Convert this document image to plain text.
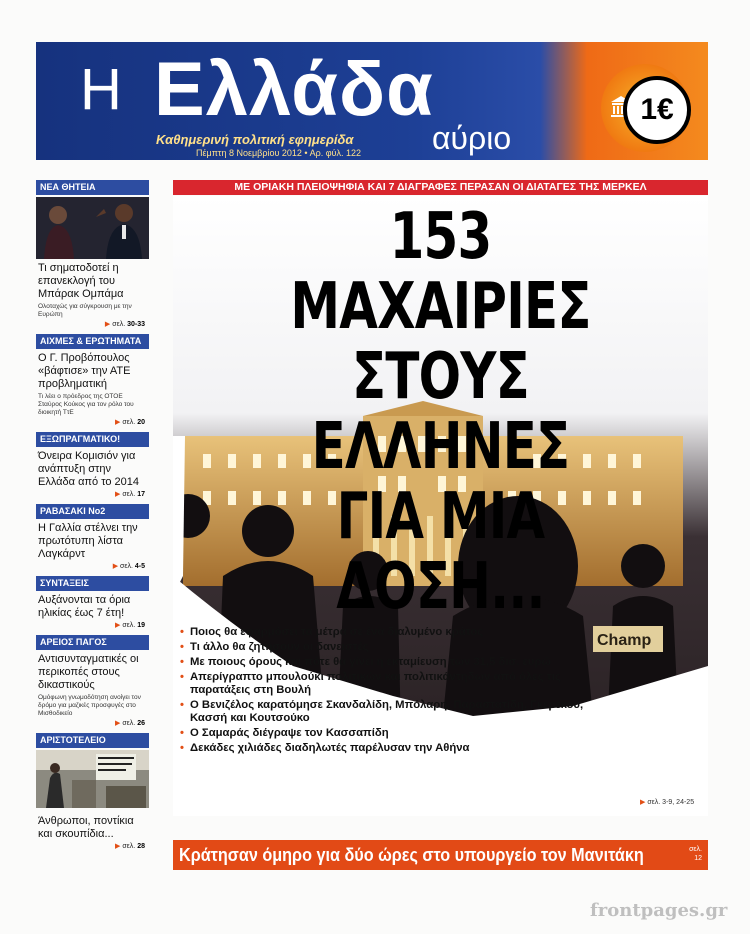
Η Ελλάδα
αύριο
Καθημερινή πολιτική εφημερίδα
Πέμπτη 8 Νοεμβρίου 2012 • Αρ. φύλ. 122
1€
ΝΕΑ ΘΗΤΕΙΑ
Τι σηματοδοτεί η επανεκλογή του Μπάρακ Ομπάμα
Ολοταχώς για σύγκρουση με την Ευρώπη
▶ σελ. 30-33
ΑΙΧΜΕΣ & ΕΡΩΤΗΜΑΤΑ
Ο Γ. Προβόπουλος «βάφτισε» την ΑΤΕ προβληματική
Τι λέει ο πρόεδρος της ΟΤΟΕ Σταύρος Κούκος για τον ρόλο του διοικητή ΤτΕ
▶ σελ. 20
ΕΞΩΠΡΑΓΜΑΤΙΚΟ!
Όνειρα Κομισιόν για ανάπτυξη στην Ελλάδα από το 2014
▶ σελ. 17
ΡΑΒΑΣΑΚΙ Νο2
Η Γαλλία στέλνει την πρωτότυπη λίστα Λαγκάρντ
▶ σελ. 4-5
ΣΥΝΤΑΞΕΙΣ
Αυξάνονται τα όρια ηλικίας έως 7 έτη!
▶ σελ. 19
ΑΡΕΙΟΣ ΠΑΓΟΣ
Αντισυνταγματικές οι περικοπές στους δικαστικούς
Ομόφωνη γνωμοδότηση ανοίγει τον δρόμο για μαζικές προσφυγές στο Μισθοδικείο
▶ σελ. 26
ΑΡΙΣΤΟΤΕΛΕΙΟ
Άνθρωποι, ποντίκια και σκουπίδια...
▶ σελ. 28
ΜΕ ΟΡΙΑΚΗ ΠΛΕΙΟΨΗΦΙΑ ΚΑΙ 7 ΔΙΑΓΡΑΦΕΣ ΠΕΡΑΣΑΝ ΟΙ ΔΙΑΤΑΓΕΣ ΤΗΣ ΜΕΡΚΕΛ
Champ
153 ΜΑΧΑΙΡΙΕΣ
ΣΤΟΥΣ ΕΛΛΗΝΕΣ
ΓΙΑ ΜΙΑ ΔΟΣΗ...
• Ποιος θα εφαρμόσει τα μέτρα σε ένα διαλυμένο κράτος
• Τι άλλο θα ζητήσουν οι δανειστές
• Με ποιους όρους και πότε θα γίνει η εκταμίευση των 31,5 δισ. ευρώ
• Απερίγραπτο μπουλούκι πολιτικών και πολιτικάντηδων από όλες τις παρατάξεις στη Βουλή
• Ο Βενιζέλος καρατόμησε Σκανδαλίδη, Μπόλαρη, Παραστατίδη, Γκερέκου, Κασσή και Κουτσούκο
• Ο Σαμαράς διέγραψε τον Κασσαπίδη
• Δεκάδες χιλιάδες διαδηλωτές παρέλυσαν την Αθήνα
▶ σελ. 3-9, 24-25
Κράτησαν όμηρο για δύο ώρες στο υπουργείο τον Μανιτάκη	σελ.
12
frontpages.gr
